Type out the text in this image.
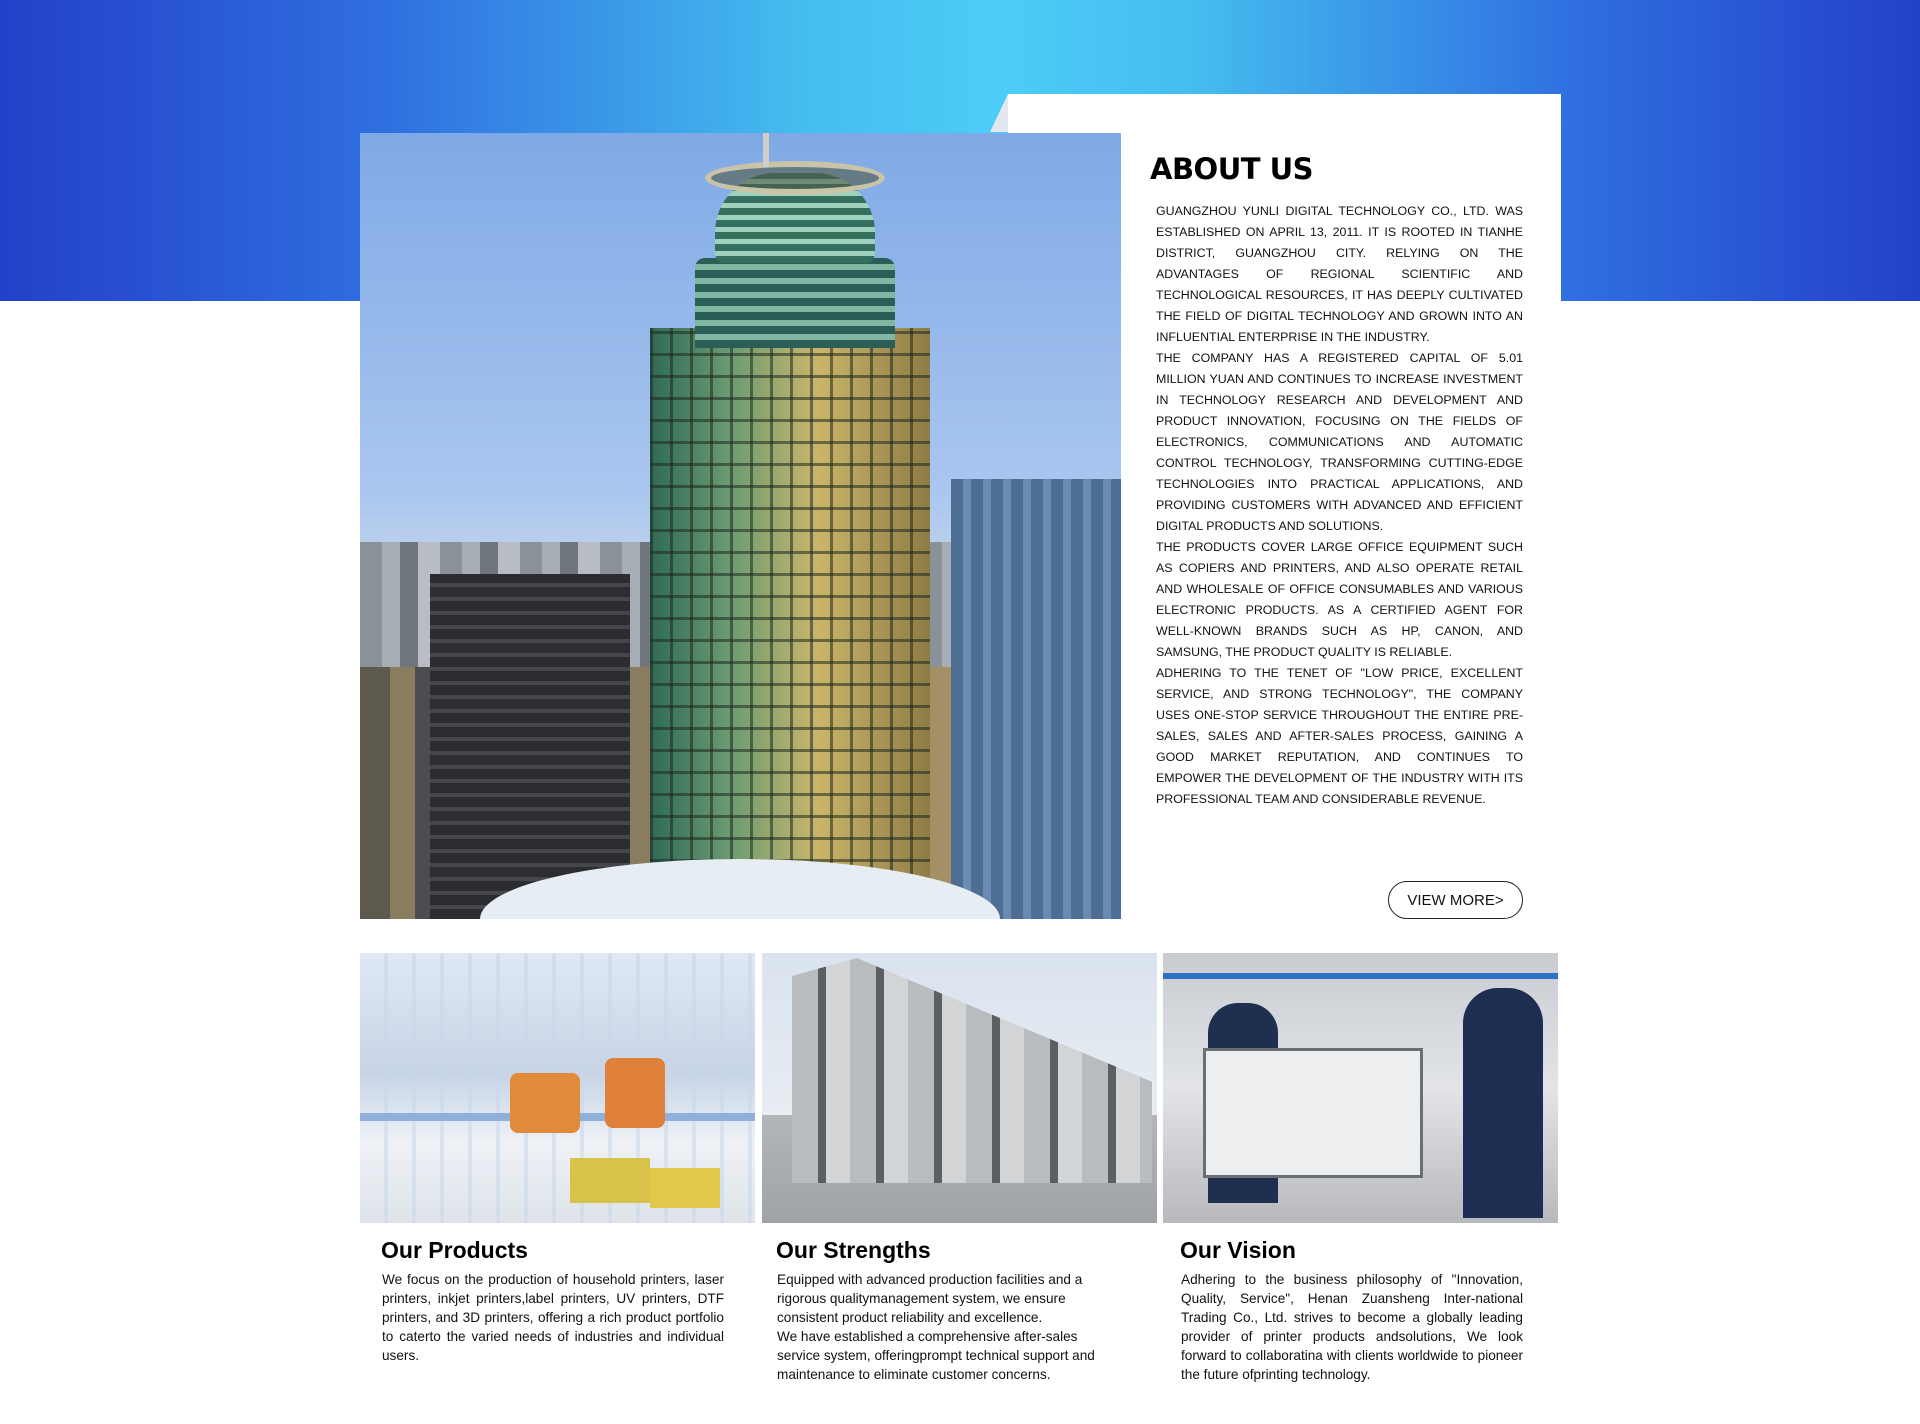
ABOUT US

GUANGZHOU YUNLI DIGITAL TECHNOLOGY CO., LTD. WAS ESTABLISHED ON APRIL 13, 2011. IT IS ROOTED IN TIANHE DISTRICT, GUANGZHOU CITY. RELYING ON THE ADVANTAGES OF REGIONAL SCIENTIFIC AND TECHNOLOGICAL RESOURCES, IT HAS DEEPLY CULTIVATED THE FIELD OF DIGITAL TECHNOLOGY AND GROWN INTO AN INFLUENTIAL ENTERPRISE IN THE INDUSTRY.

THE COMPANY HAS A REGISTERED CAPITAL OF 5.01 MILLION YUAN AND CONTINUES TO INCREASE INVESTMENT IN TECHNOLOGY RESEARCH AND DEVELOPMENT AND PRODUCT INNOVATION, FOCUSING ON THE FIELDS OF ELECTRONICS, COMMUNICATIONS AND AUTOMATIC CONTROL TECHNOLOGY, TRANSFORMING CUTTING-EDGE TECHNOLOGIES INTO PRACTICAL APPLICATIONS, AND PROVIDING CUSTOMERS WITH ADVANCED AND EFFICIENT DIGITAL PRODUCTS AND SOLUTIONS.

THE PRODUCTS COVER LARGE OFFICE EQUIPMENT SUCH AS COPIERS AND PRINTERS, AND ALSO OPERATE RETAIL AND WHOLESALE OF OFFICE CONSUMABLES AND VARIOUS ELECTRONIC PRODUCTS. AS A CERTIFIED AGENT FOR WELL-KNOWN BRANDS SUCH AS HP, CANON, AND SAMSUNG, THE PRODUCT QUALITY IS RELIABLE.

ADHERING TO THE TENET OF "LOW PRICE, EXCELLENT SERVICE, AND STRONG TECHNOLOGY", THE COMPANY USES ONE-STOP SERVICE THROUGHOUT THE ENTIRE PRE-SALES, SALES AND AFTER-SALES PROCESS, GAINING A GOOD MARKET REPUTATION, AND CONTINUES TO EMPOWER THE DEVELOPMENT OF THE INDUSTRY WITH ITS PROFESSIONAL TEAM AND CONSIDERABLE REVENUE.

VIEW MORE>
Our Products

We focus on the production of household printers, laser printers, inkjet printers,label printers, UV printers, DTF printers, and 3D printers, offering a rich product portfolio to caterto the varied needs of industries and individual users.

Our Strengths

Equipped with advanced production facilities and a rigorous qualitymanagement system, we ensure consistent product reliability and excellence.

We have established a comprehensive after-sales service system, offeringprompt technical support and maintenance to eliminate customer concerns.

Our Vision

Adhering to the business philosophy of "Innovation, Quality, Service", Henan Zuansheng Inter-national Trading Co., Ltd. strives to become a globally leading provider of printer products andsolutions, We look forward to collaboratina with clients worldwide to pioneer the future ofprinting technology.
